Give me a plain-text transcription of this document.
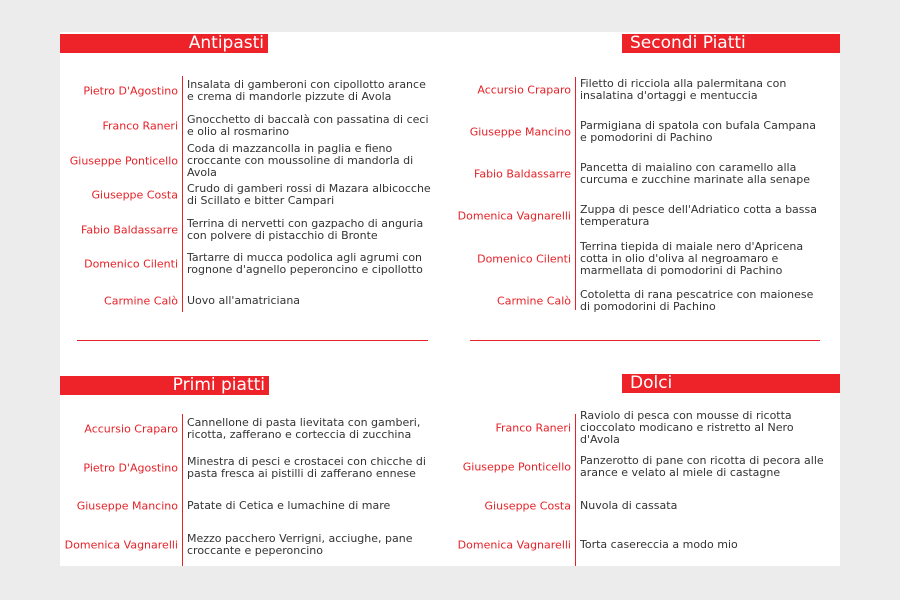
Antipasti
Pietro D'Agostino Insalata di gamberoni con cipollotto arance e crema di mandorle pizzute di Avola
Franco Raneri Gnocchetto di baccalà con passatina di ceci e olio al rosmarino
Giuseppe Ponticello
Coda di mazzancolla in paglia e fieno croccante con moussoline di mandorla di Avola
Giuseppe Costa Crudo di gamberi rossi di Mazara albicocche di Scillato e bitter Campari
Fabio Baldassarre Terrina di nervetti con gazpacho di anguria con polvere di pistacchio di Bronte
Domenico Cilenti Tartarre di mucca podolica agli agrumi con rognone d'agnello peperoncino e cipollotto
Carmine Calò Uovo all'amatriciana
Secondi Piatti
Accursio Craparo Filetto di ricciola alla palermitana con insalatina d'ortaggi e mentuccia
Giuseppe Mancino Parmigiana di spatola con bufala Campana e pomodorini di Pachino
Fabio Baldassarre Pancetta di maialino con caramello alla curcuma e zucchine marinate alla senape
Domenica Vagnarelli Zuppa di pesce dell'Adriatico cotta a bassa temperatura
Domenico Cilenti
Terrina tiepida di maiale nero d'Apricena cotta in olio d'oliva al negroamaro e marmellata di pomodorini di Pachino
Carmine Calò Cotoletta di rana pescatrice con maionese di pomodorini di Pachino
Primi piatti
Accursio Craparo Cannellone di pasta lievitata con gamberi, ricotta, zafferano e corteccia di zucchina
Pietro D'Agostino Minestra di pesci e crostacei con chicche di pasta fresca ai pistilli di zafferano ennese
Giuseppe Mancino Patate di Cetica e lumachine di mare
Domenica Vagnarelli Mezzo pacchero Verrigni, acciughe, pane croccante e peperoncino
Dolci
Franco Raneri
Raviolo di pesca con mousse di ricotta cioccolato modicano e ristretto al Nero d'Avola
Giuseppe Ponticello Panzerotto di pane con ricotta di pecora alle arance e velato al miele di castagne
Giuseppe Costa Nuvola di cassata
Domenica Vagnarelli Torta casereccia a modo mio
